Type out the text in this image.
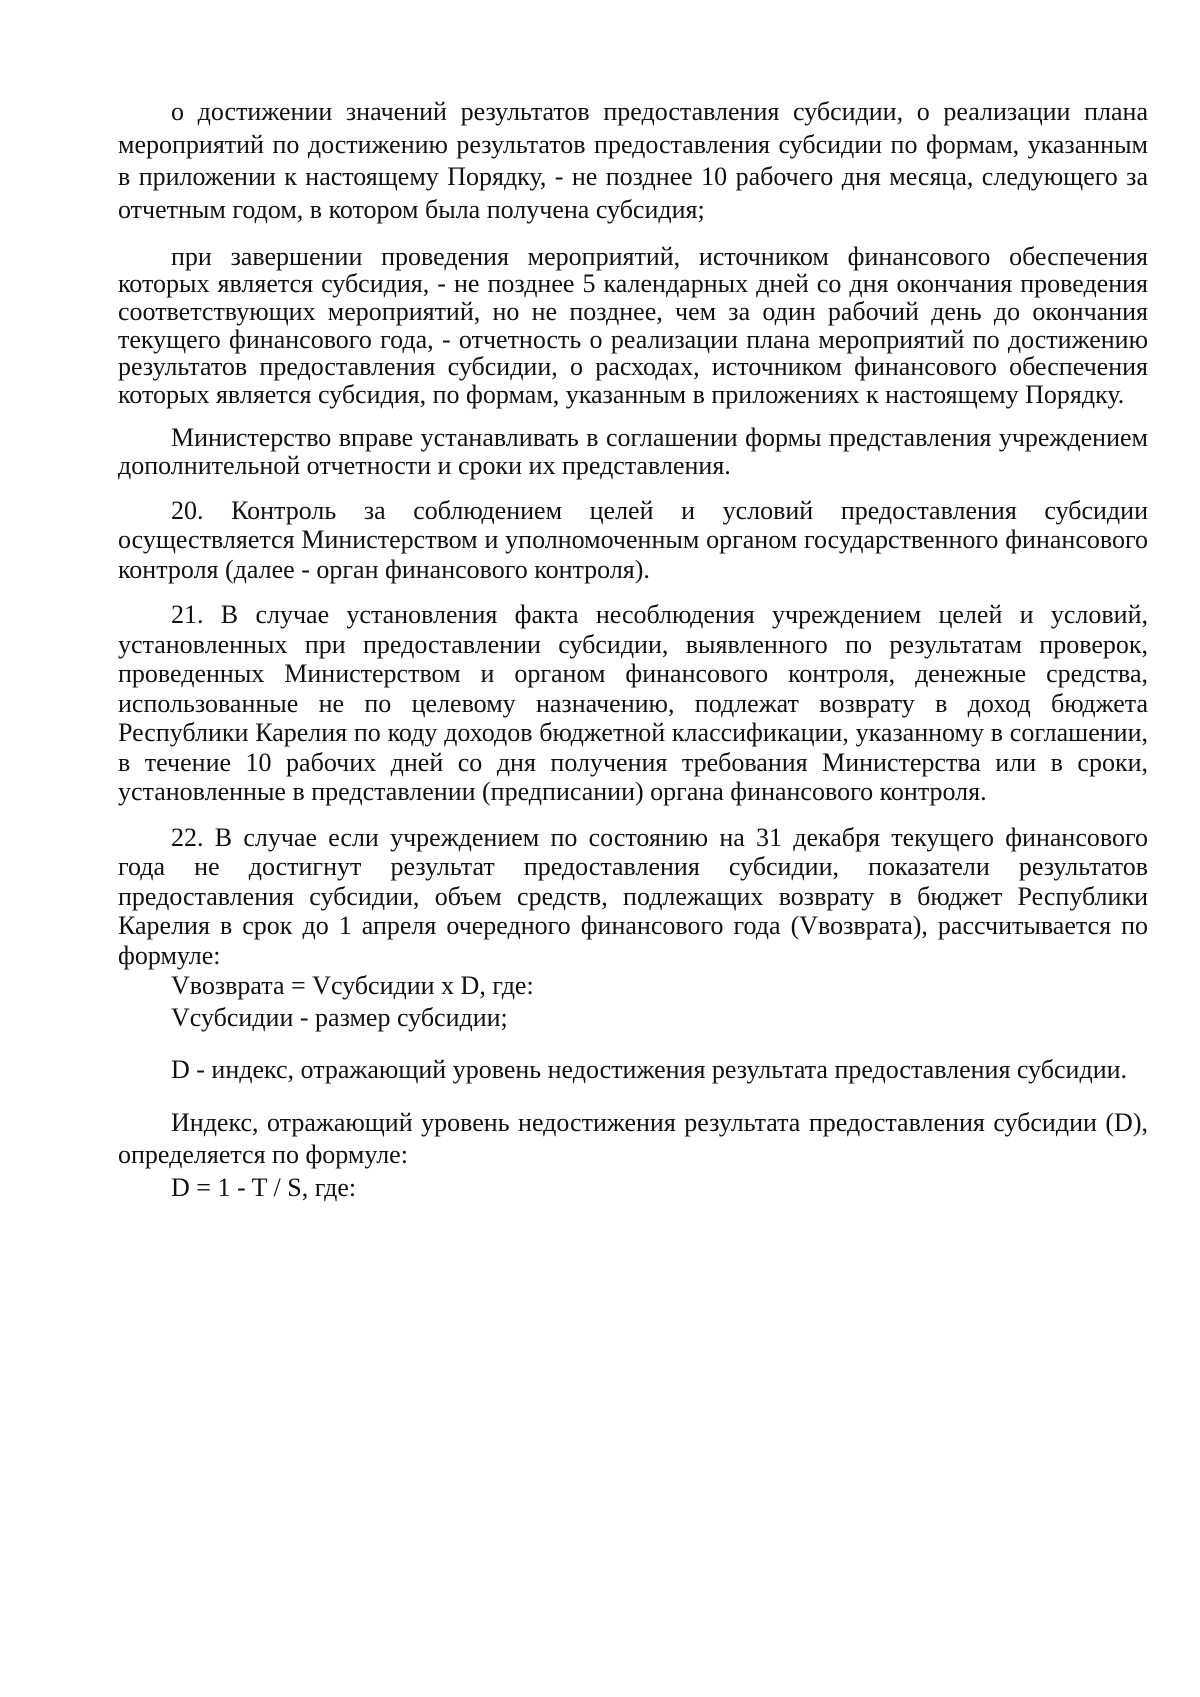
о достижении значений результатов предоставления субсидии, о реализации плана мероприятий по достижению результатов предоставления субсидии по формам, указанным в приложении к настоящему Порядку, - не позднее 10 рабочего дня месяца, следующего за отчетным годом, в котором была получена субсидия;

при завершении проведения мероприятий, источником финансового обеспечения которых является субсидия, - не позднее 5 календарных дней со дня окончания проведения соответствующих мероприятий, но не позднее, чем за один рабочий день до окончания текущего финансового года, - отчетность о реализации плана мероприятий по достижению результатов предоставления субсидии, о расходах, источником финансового обеспечения которых является субсидия, по формам, указанным в приложениях к настоящему Порядку.

Министерство вправе устанавливать в соглашении формы представления учреждением дополнительной отчетности и сроки их представления.

20. Контроль за соблюдением целей и условий предоставления субсидии осуществляется Министерством и уполномоченным органом государственного финансового контроля (далее - орган финансового контроля).

21. В случае установления факта несоблюдения учреждением целей и условий, установленных при предоставлении субсидии, выявленного по результатам проверок, проведенных Министерством и органом финансового контроля, денежные средства, использованные не по целевому назначению, подлежат возврату в доход бюджета Республики Карелия по коду доходов бюджетной классификации, указанному в соглашении, в течение 10 рабочих дней со дня получения требования Министерства или в сроки, установленные в представлении (предписании) органа финансового контроля.

22. В случае если учреждением по состоянию на 31 декабря текущего финансового года не достигнут результат предоставления субсидии, показатели результатов предоставления субсидии, объем средств, подлежащих возврату в бюджет Республики Карелия в срок до 1 апреля очередного финансового года (Vвозврата), рассчитывается по формуле:

Vвозврата = Vсубсидии x D, где:

Vсубсидии - размер субсидии;

D - индекс, отражающий уровень недостижения результата предоставления субсидии.

Индекс, отражающий уровень недостижения результата предоставления субсидии (D), определяется по формуле:

D = 1 - T / S, где:
